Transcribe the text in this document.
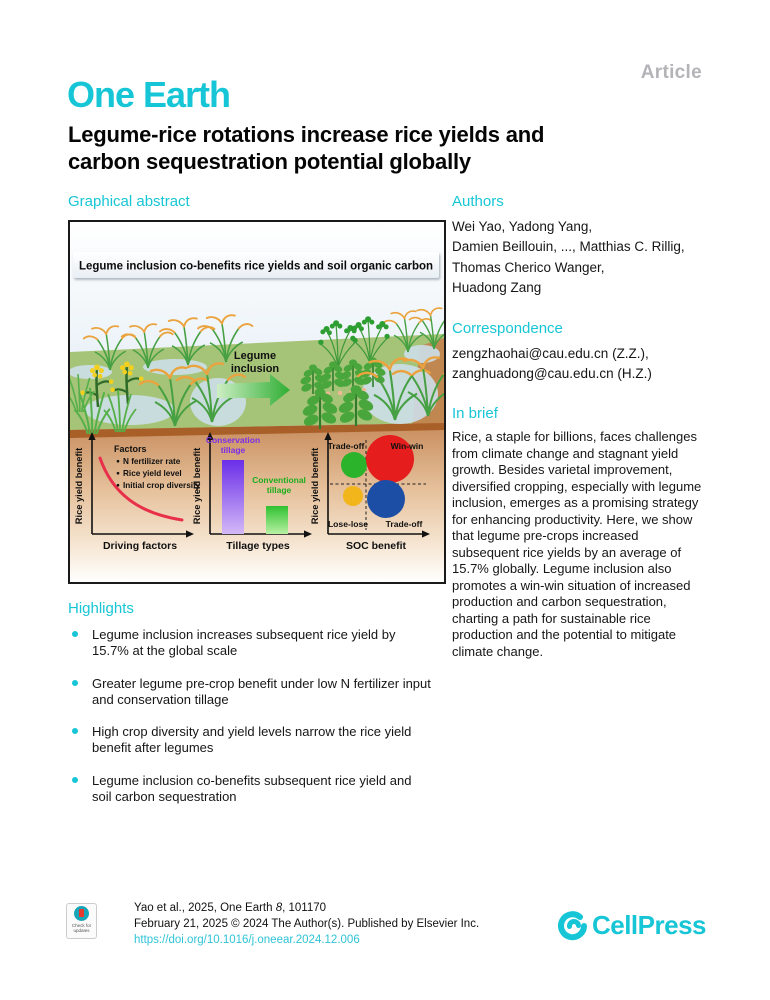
Article
One Earth
Legume-rice rotations increase rice yields and carbon sequestration potential globally
Graphical abstract
Legume inclusion
Legume inclusion co-benefits rice yields and soil organic carbon
Rice yield benefit
Driving factors
Factors
N fertilizer rate
Rice yield level
Initial crop diversity
Conservation tillage
Conventional tillage
Rice yield benefit
Tillage types
Trade-off	Win-win
Lose-lose Trade-off
Rice yield benefit
SOC benefit
Authors
Wei Yao, Yadong Yang,
Damien Beillouin, ..., Matthias C. Rillig,
Thomas Cherico Wanger,
Huadong Zang
Correspondence
zengzhaohai@cau.edu.cn (Z.Z.),
zanghuadong@cau.edu.cn (H.Z.)
In brief
Rice, a staple for billions, faces challenges from climate change and stagnant yield growth. Besides varietal improvement, diversified cropping, especially with legume inclusion, emerges as a promising strategy for enhancing productivity. Here, we show that legume pre-crops increased subsequent rice yields by an average of 15.7% globally. Legume inclusion also promotes a win-win situation of increased production and carbon sequestration, charting a path for sustainable rice production and the potential to mitigate climate change.
Highlights
Legume inclusion increases subsequent rice yield by 15.7% at the global scale
Greater legume pre-crop benefit under low N fertilizer input and conservation tillage
High crop diversity and yield levels narrow the rice yield benefit after legumes
Legume inclusion co-benefits subsequent rice yield and soil carbon sequestration
Check for updates
Yao et al., 2025, One Earth 8, 101170
February 21, 2025 © 2024 The Author(s). Published by Elsevier Inc.
https://doi.org/10.1016/j.oneear.2024.12.006	CellPress
